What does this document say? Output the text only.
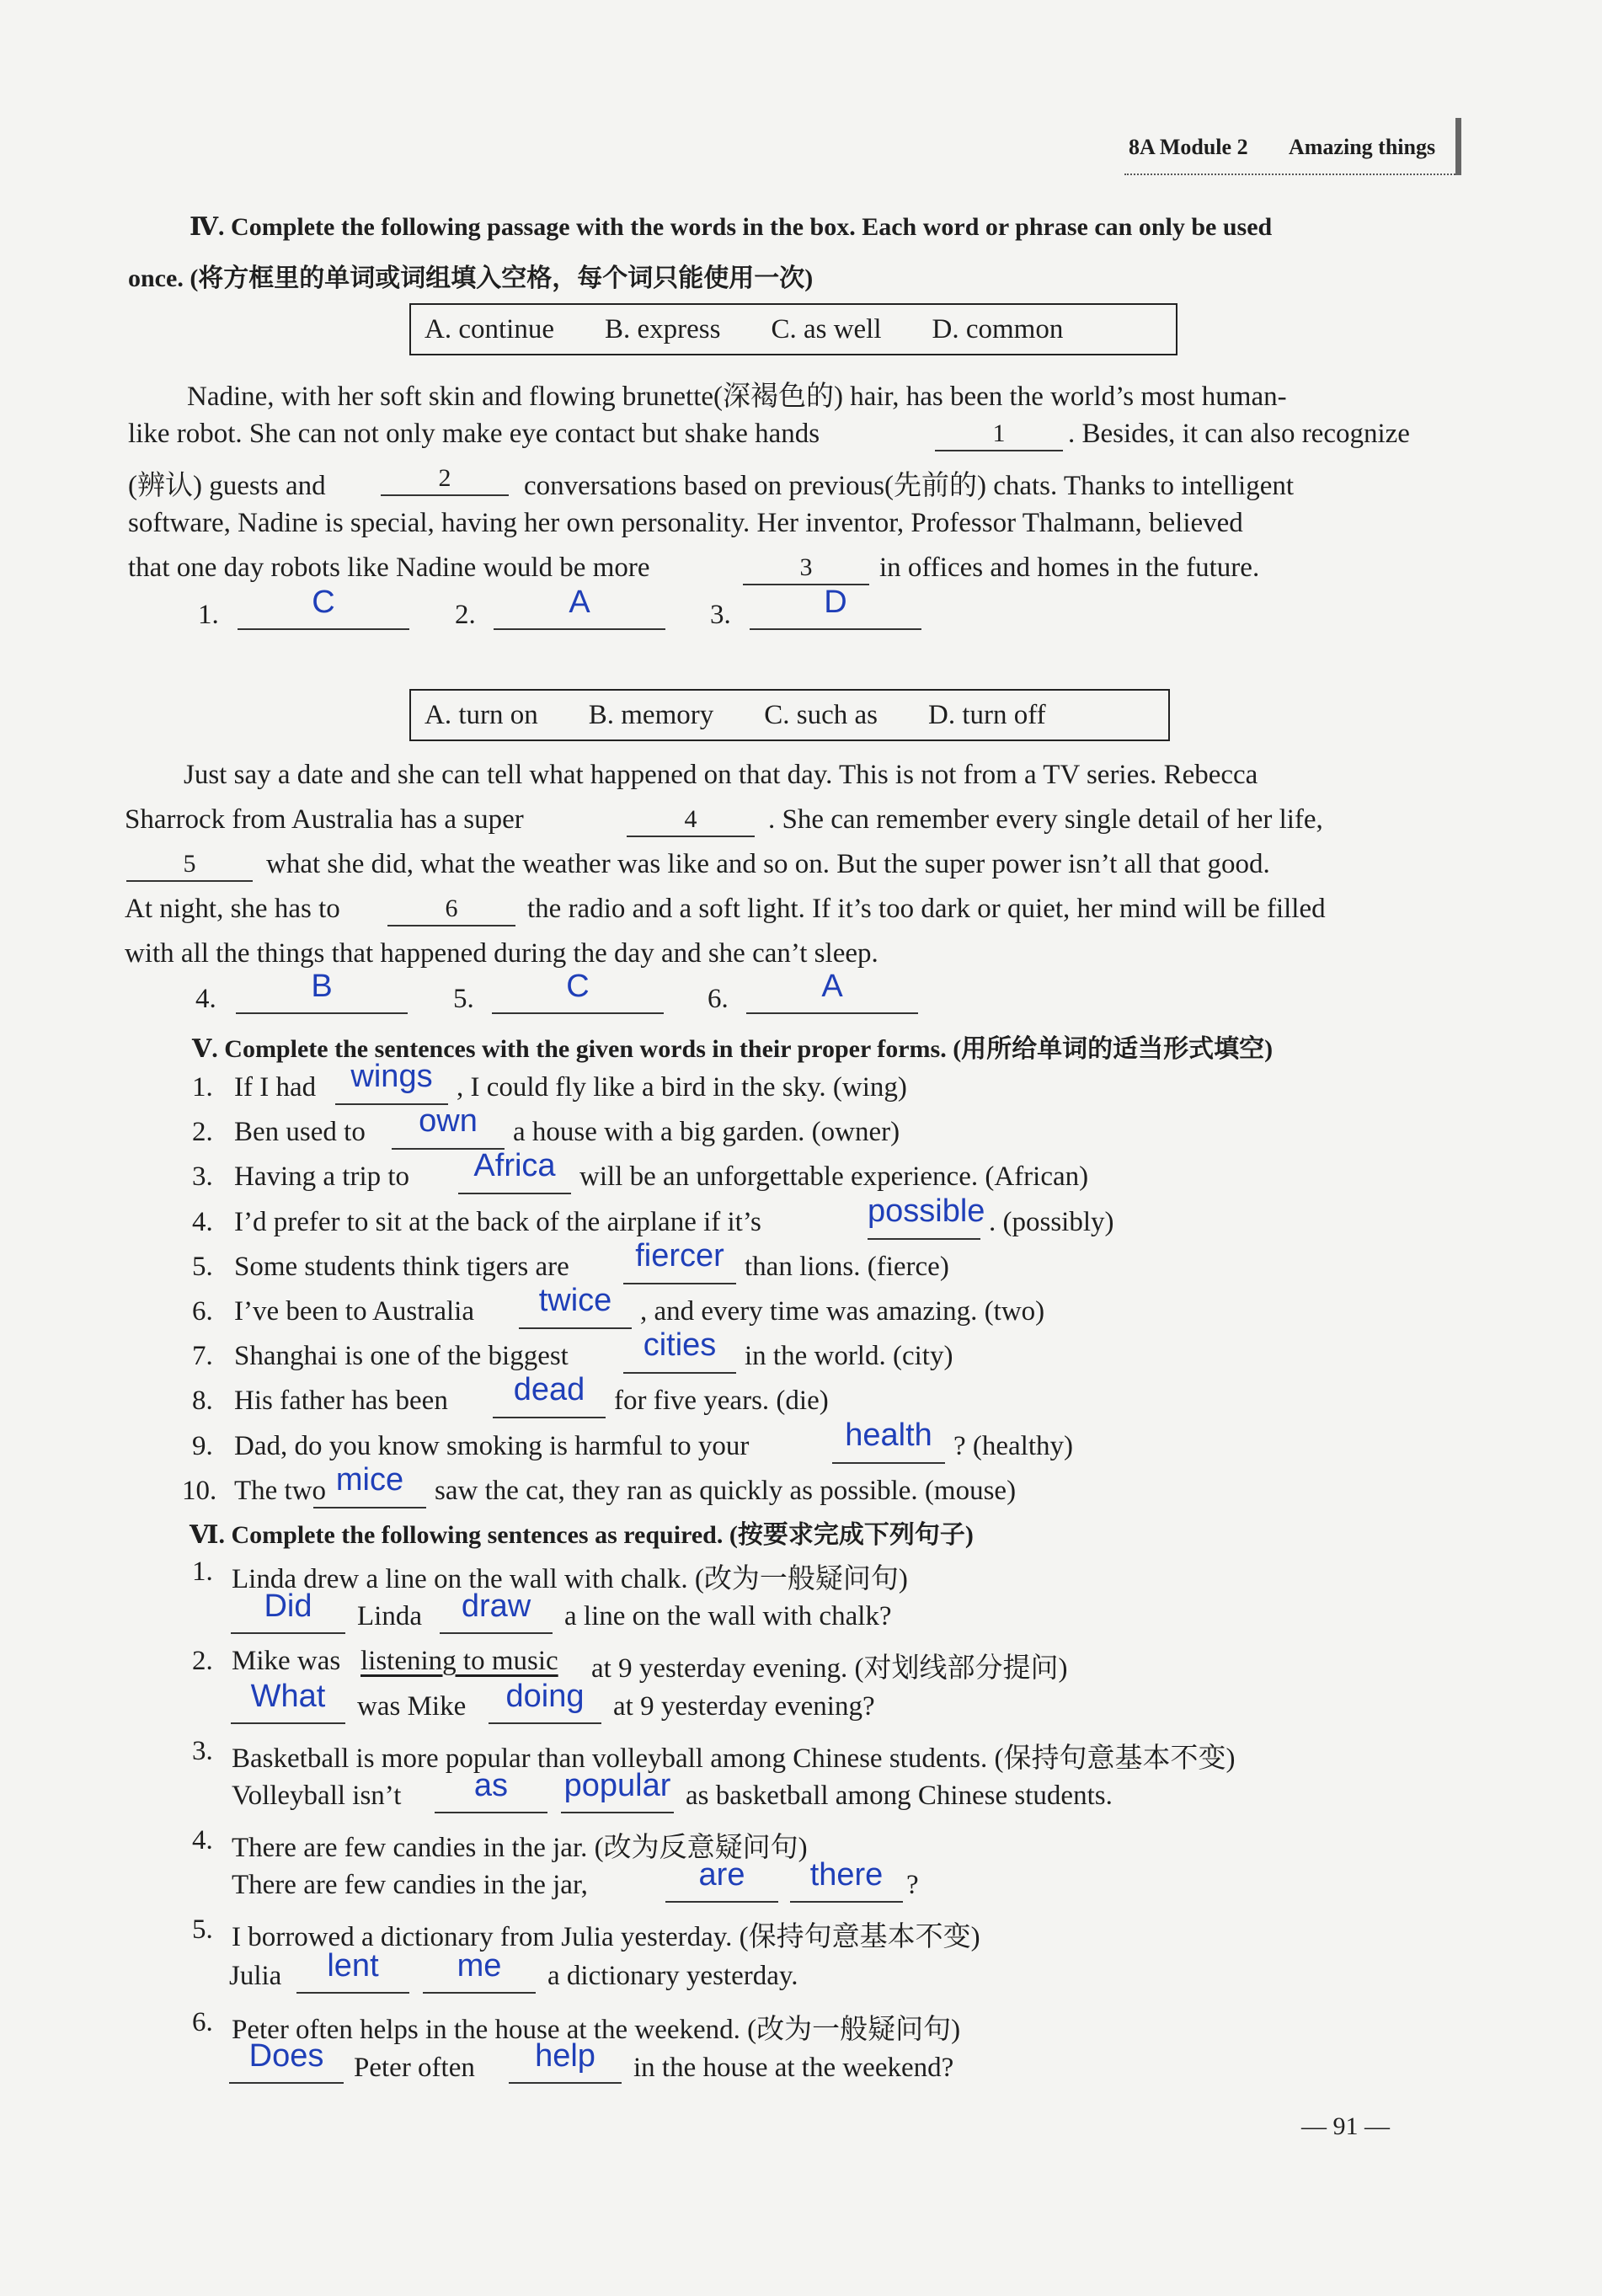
8A Module 2 Amazing things
Ⅳ. Complete the following passage with the words in the box. Each word or phrase can only be used
once. (将方框里的单词或词组填入空格，每个词只能使用一次)
A. continue B. express C. as well D. common
Nadine, with her soft skin and flowing brunette(深褐色的) hair, has been the world’s most human-
like robot. She can not only make eye contact but shake hands	1	. Besides, it can also recognize
(辨认) guests and	2	conversations based on previous(先前的) chats. Thanks to intelligent
software, Nadine is special, having her own personality. Her inventor, Professor Thalmann, believed
that one day robots like Nadine would be more	3	in offices and homes in the future.
1.	C	2.	A	3.	D
A. turn on B. memory C. such as D. turn off
Just say a date and she can tell what happened on that day. This is not from a TV series. Rebecca
Sharrock from Australia has a super	4	. She can remember every single detail of her life,
5	what she did, what the weather was like and so on. But the super power isn’t all that good.
At night, she has to	6	the radio and a soft light. If it’s too dark or quiet, her mind will be filled
with all the things that happened during the day and she can’t sleep.
4.	B	5.	C	6.	A
Ⅴ. Complete the sentences with the given words in their proper forms. (用所给单词的适当形式填空)
1. If I had	wings , I could fly like a bird in the sky. (wing)
2. Ben used to	own	a house with a big garden. (owner)
3. Having a trip to	Africa will be an unforgettable experience. (African)
4. I’d prefer to sit at the back of the airplane if it’s	possible . (possibly)
5. Some students think tigers are	fiercer than lions. (fierce)
6. I’ve been to Australia	twice	, and every time was amazing. (two)
7. Shanghai is one of the biggest	cities	in the world. (city)
8. His father has been	dead	for five years. (die)
9. Dad, do you know smoking is harmful to your	health ? (healthy)
10. The two mice	saw the cat, they ran as quickly as possible. (mouse)
Ⅵ. Complete the following sentences as required. (按要求完成下列句子)
1. Linda drew a line on the wall with chalk. (改为一般疑问句)
Did	Linda	draw	a line on the wall with chalk?
2. Mike was listening to music at 9 yesterday evening. (对划线部分提问)
What	was Mike	doing	at 9 yesterday evening?
3. Basketball is more popular than volleyball among Chinese students. (保持句意基本不变)
Volleyball isn’t	as	popular as basketball among Chinese students.
4. There are few candies in the jar. (改为反意疑问句)
There are few candies in the jar,	are	there ?
5. I borrowed a dictionary from Julia yesterday. (保持句意基本不变)
Julia	lent	me	a dictionary yesterday.
6. Peter often helps in the house at the weekend. (改为一般疑问句)
Does	Peter often	help	in the house at the weekend?
— 91 —
